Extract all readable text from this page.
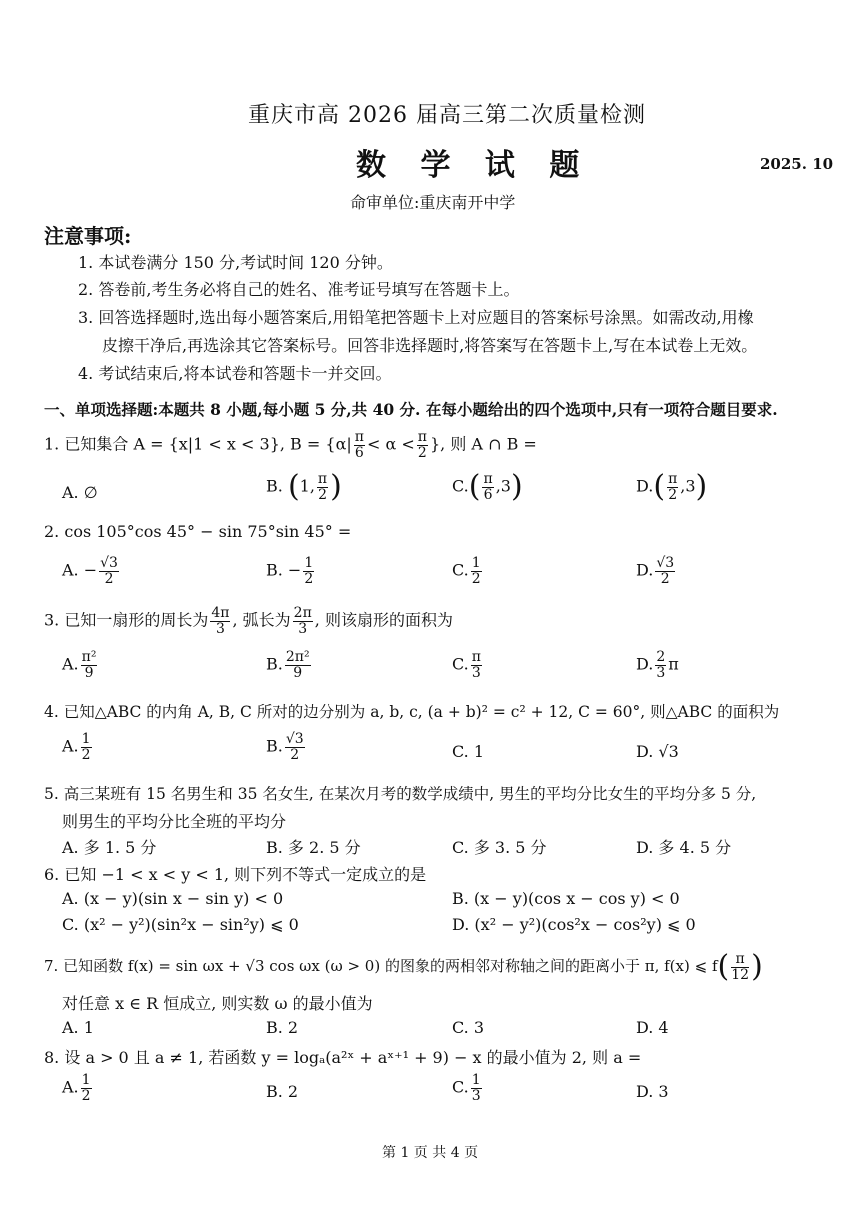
重庆市高 2026 届高三第二次质量检测
数 学 试 题	2025. 10
命审单位:重庆南开中学
注意事项:
1. 本试卷满分 150 分,考试时间 120 分钟。
2. 答卷前,考生务必将自己的姓名、准考证号填写在答题卡上。
3. 回答选择题时,选出每小题答案后,用铅笔把答题卡上对应题目的答案标号涂黑。如需改动,用橡
皮擦干净后,再选涂其它答案标号。回答非选择题时,将答案写在答题卡上,写在本试卷上无效。
4. 考试结束后,将本试卷和答题卡一并交回。
一、单项选择题:本题共 8 小题,每小题 5 分,共 40 分. 在每小题给出的四个选项中,只有一项符合题目要求.
1. 已知集合 A = {x|1 < x < 3}, $B = \{\alpha| \frac{\pi}{6} < \alpha < \frac{\pi}{2}$ }, 则 A ∩ B =
A. ∅	B. (1, $\frac{\pi}{2}$ )	$C.( \frac{\pi}{6} ,3)$	$D.( \frac{\pi}{2} ,3)$
2. cos 105°cos 45° − sin 75°sin 45° =
A. − $\frac{√3}{2}$	B. − $\frac{1}{2}$	C. $\frac{1}{2}$	D. $\frac{√3}{2}$
3. 已知一扇形的周长为 $\frac{4\pi}{3}$ , 弧长为 $\frac{2\pi}{3}$ , 则该扇形的面积为
A. $\frac{\text{π²}}{9}$	B. $\frac{\text{2π²}}{9}$	C. $\frac{\pi}{3}$	D. $\frac{2}{3}$ π
4. 已知△ABC 的内角 A, B, C 所对的边分别为 a, b, c, (a + b)² = c² + 12, C = 60°, 则△ABC 的面积为
A. $\frac{1}{2}$	B. $\frac{√3}{2}$	C. 1	D. √3
5. 高三某班有 15 名男生和 35 名女生, 在某次月考的数学成绩中, 男生的平均分比女生的平均分多 5 分,
则男生的平均分比全班的平均分
A. 多 1. 5 分	B. 多 2. 5 分	C. 多 3. 5 分	D. 多 4. 5 分
6. 已知 −1 < x < y < 1, 则下列不等式一定成立的是
A. (x − y)(sin x − sin y) < 0	B. (x − y)(cos x − cos y) < 0
C. (x² − y²)(sin²x − sin²y) ⩽ 0	D. (x² − y²)(cos²x − cos²y) ⩽ 0
7. 已知函数 f(x) = sin ωx + √3 cos ωx (ω > 0) 的图象的两相邻对称轴之间的距离小于 π, f(x) ⩽ $f( \frac{\pi}{12}$ )
对任意 x ∈ R 恒成立, 则实数 ω 的最小值为
A. 1	B. 2	C. 3	D. 4
8. 设 a > 0 且 a ≠ 1, 若函数 y = logₐ(a²ˣ + aˣ⁺¹ + 9) − x 的最小值为 2, 则 a =
A. $\frac{1}{2}$	B. 2	C. $\frac{1}{3}$	D. 3
第 1 页 共 4 页
